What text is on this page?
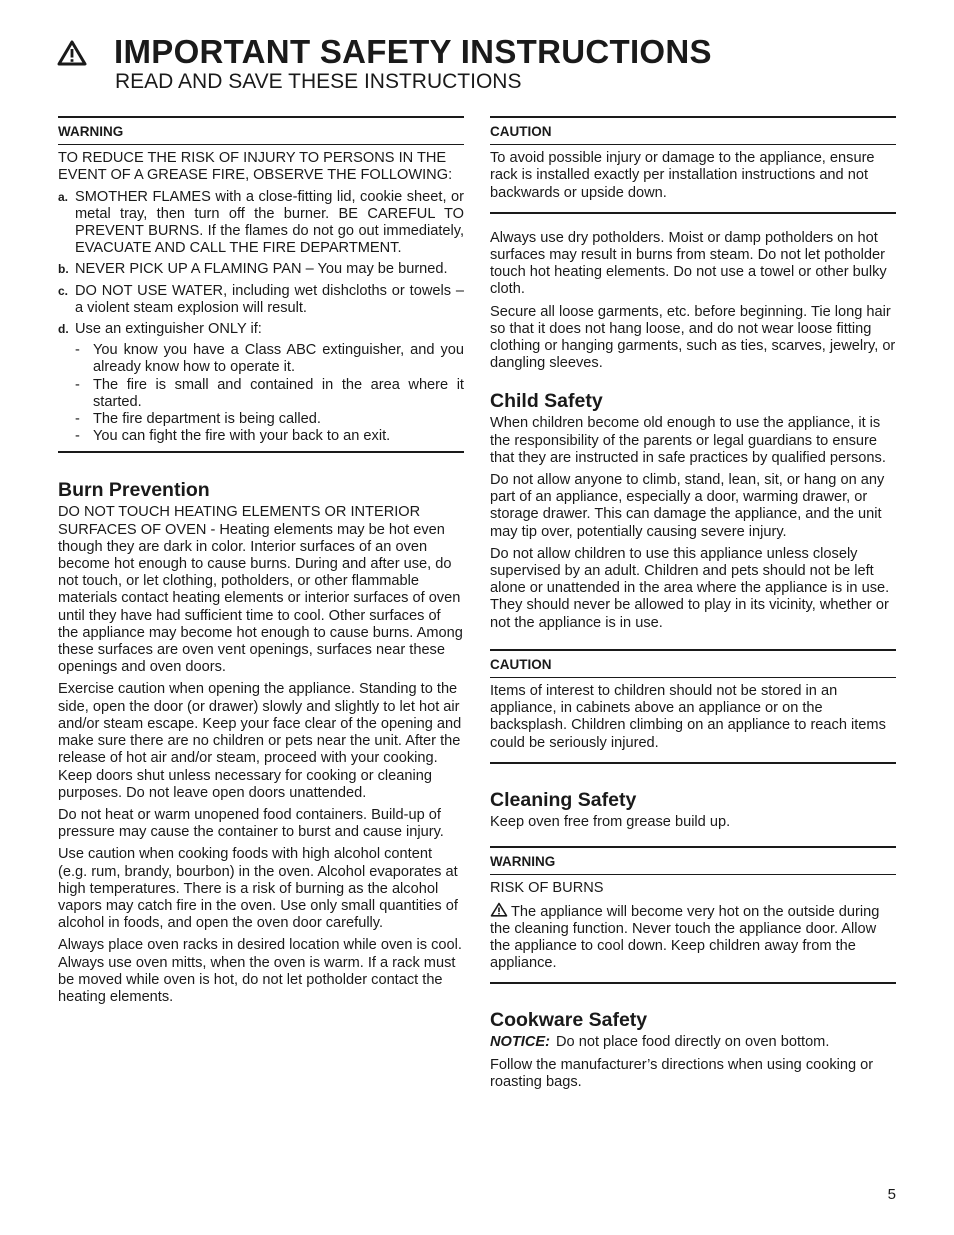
IMPORTANT SAFETY INSTRUCTIONS
READ AND SAVE THESE INSTRUCTIONS
WARNING

TO REDUCE THE RISK OF INJURY TO PERSONS IN THE EVENT OF A GREASE FIRE, OBSERVE THE FOLLOWING:

a. SMOTHER FLAMES with a close-fitting lid, cookie sheet, or metal tray, then turn off the burner. BE CAREFUL TO PREVENT BURNS. If the flames do not go out immediately, EVACUATE AND CALL THE FIRE DEPARTMENT.
b. NEVER PICK UP A FLAMING PAN – You may be burned.
c. DO NOT USE WATER, including wet dishcloths or towels – a violent steam explosion will result.
d. Use an extinguisher ONLY if:
- You know you have a Class ABC extinguisher, and you already know how to operate it.
- The fire is small and contained in the area where it started.
- The fire department is being called.
- You can fight the fire with your back to an exit.
Burn Prevention

DO NOT TOUCH HEATING ELEMENTS OR INTERIOR SURFACES OF OVEN - Heating elements may be hot even though they are dark in color. Interior surfaces of an oven become hot enough to cause burns. During and after use, do not touch, or let clothing, potholders, or other flammable materials contact heating elements or interior surfaces of oven until they have had sufficient time to cool. Other surfaces of the appliance may become hot enough to cause burns. Among these surfaces are oven vent openings, surfaces near these openings and oven doors.

Exercise caution when opening the appliance. Standing to the side, open the door (or drawer) slowly and slightly to let hot air and/or steam escape. Keep your face clear of the opening and make sure there are no children or pets near the unit. After the release of hot air and/or steam, proceed with your cooking. Keep doors shut unless necessary for cooking or cleaning purposes. Do not leave open doors unattended.

Do not heat or warm unopened food containers. Build-up of pressure may cause the container to burst and cause injury.

Use caution when cooking foods with high alcohol content (e.g. rum, brandy, bourbon) in the oven. Alcohol evaporates at high temperatures. There is a risk of burning as the alcohol vapors may catch fire in the oven. Use only small quantities of alcohol in foods, and open the oven door carefully.

Always place oven racks in desired location while oven is cool. Always use oven mitts, when the oven is warm. If a rack must be moved while oven is hot, do not let potholder contact the heating elements.

CAUTION

To avoid possible injury or damage to the appliance, ensure rack is installed exactly per installation instructions and not backwards or upside down.

Always use dry potholders. Moist or damp potholders on hot surfaces may result in burns from steam. Do not let potholder touch hot heating elements. Do not use a towel or other bulky cloth.

Secure all loose garments, etc. before beginning. Tie long hair so that it does not hang loose, and do not wear loose fitting clothing or hanging garments, such as ties, scarves, jewelry, or dangling sleeves.

Child Safety

When children become old enough to use the appliance, it is the responsibility of the parents or legal guardians to ensure that they are instructed in safe practices by qualified persons.

Do not allow anyone to climb, stand, lean, sit, or hang on any part of an appliance, especially a door, warming drawer, or storage drawer. This can damage the appliance, and the unit may tip over, potentially causing severe injury.

Do not allow children to use this appliance unless closely supervised by an adult. Children and pets should not be left alone or unattended in the area where the appliance is in use. They should never be allowed to play in its vicinity, whether or not the appliance is in use.

CAUTION

Items of interest to children should not be stored in an appliance, in cabinets above an appliance or on the backsplash. Children climbing on an appliance to reach items could be seriously injured.

Cleaning Safety

Keep oven free from grease build up.

WARNING

RISK OF BURNS

The appliance will become very hot on the outside during the cleaning function. Never touch the appliance door. Allow the appliance to cool down. Keep children away from the appliance.

Cookware Safety

NOTICE: Do not place food directly on oven bottom.

Follow the manufacturer’s directions when using cooking or roasting bags.

5
